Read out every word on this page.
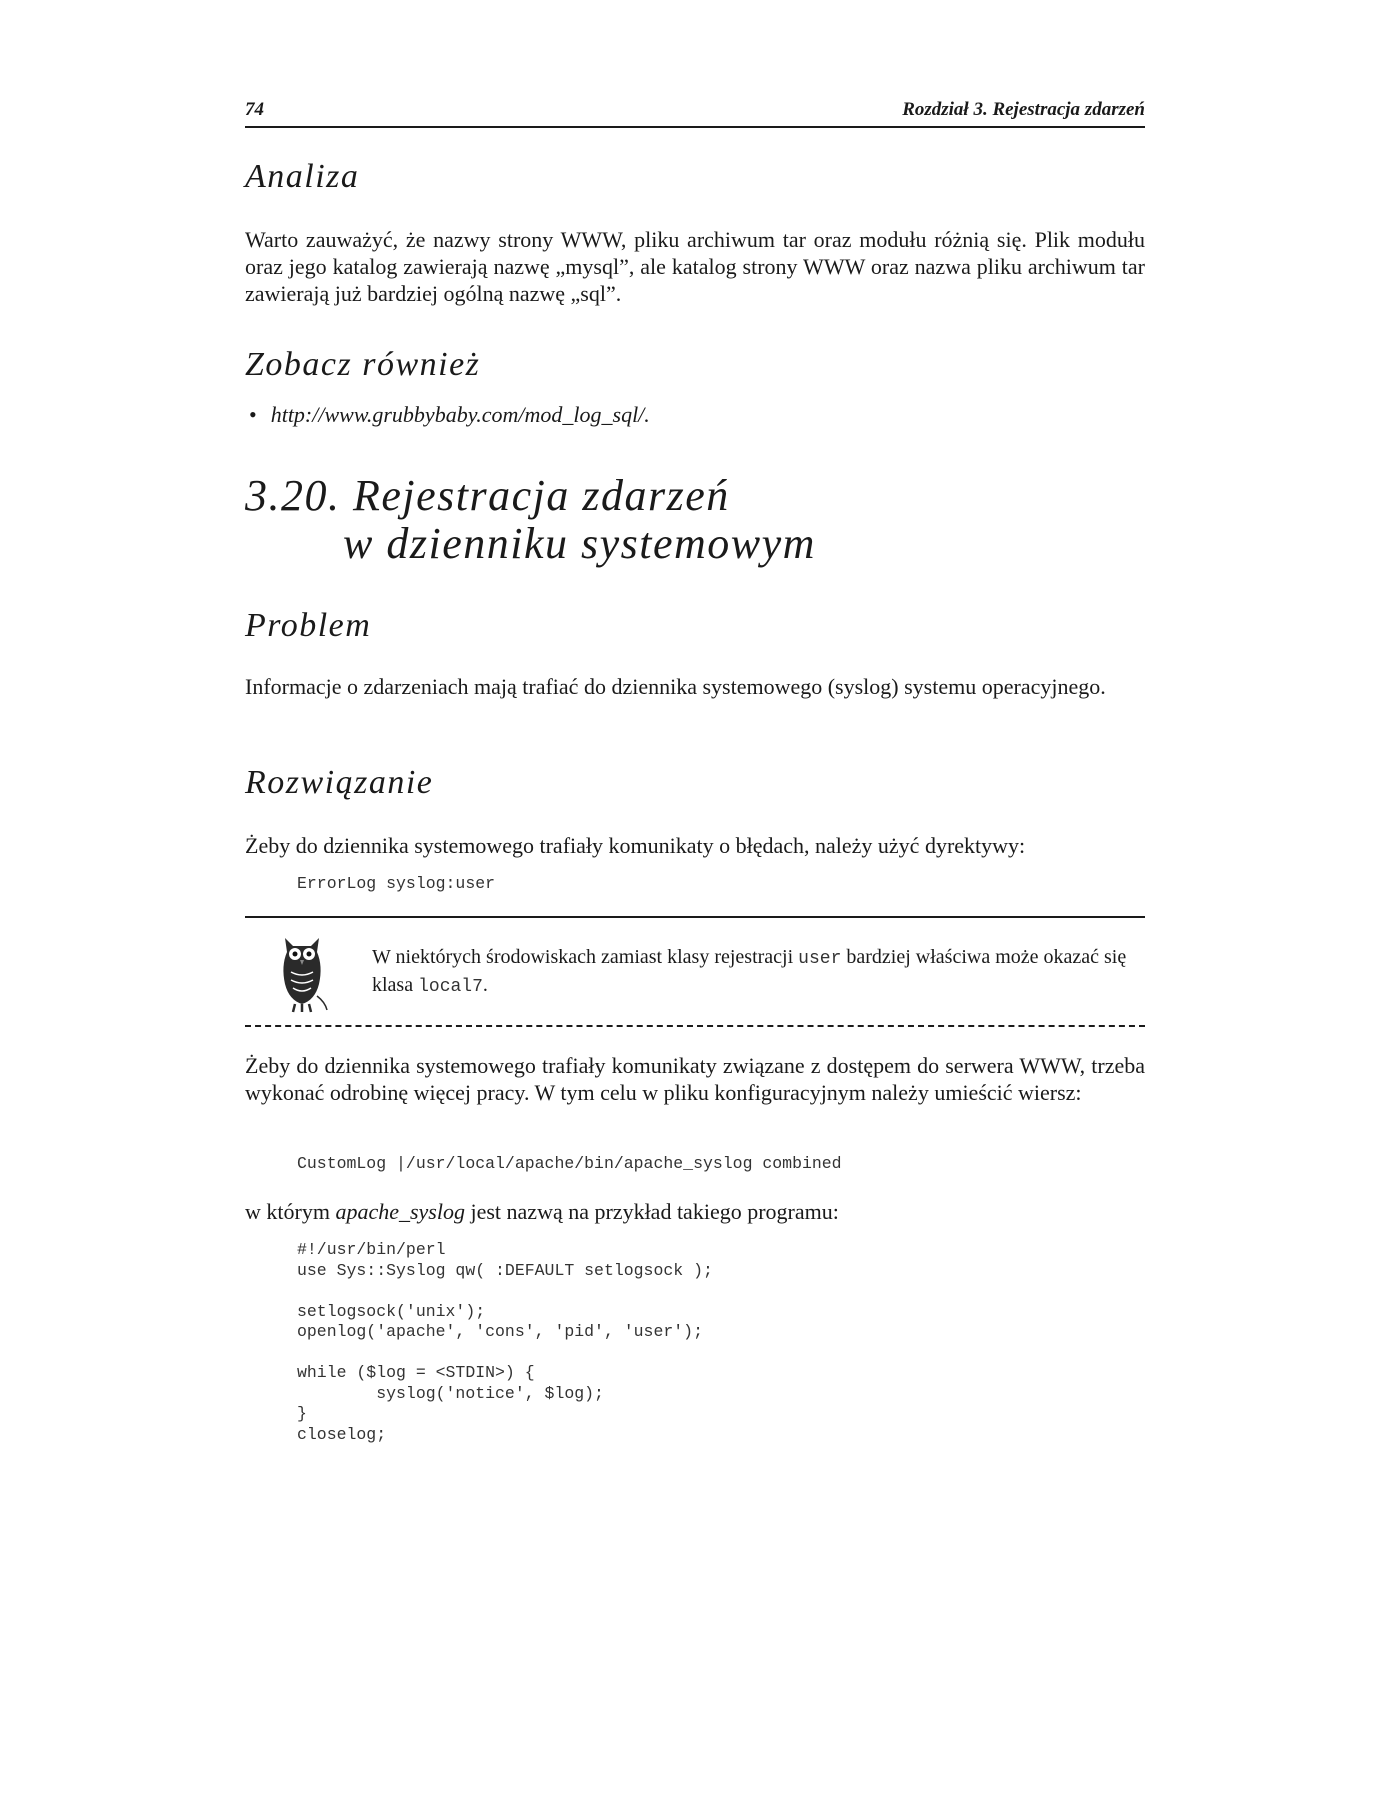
74	Rozdział 3. Rejestracja zdarzeń
Analiza

Warto zauważyć, że nazwy strony WWW, pliku archiwum tar oraz modułu różnią się. Plik modułu oraz jego katalog zawierają nazwę „mysql”, ale katalog strony WWW oraz nazwa pliku archiwum tar zawierają już bardziej ogólną nazwę „sql”.

Zobacz również
• http://www.grubbybaby.com/mod_log_sql/.
3.20. Rejestracja zdarzeń
w dzienniku systemowym
Problem

Informacje o zdarzeniach mają trafiać do dziennika systemowego (syslog) systemu operacyjnego.

Rozwiązanie

Żeby do dziennika systemowego trafiały komunikaty o błędach, należy użyć dyrektywy:

ErrorLog syslog:user
W niektórych środowiskach zamiast klasy rejestracji user bardziej właściwa może okazać się klasa local7.

Żeby do dziennika systemowego trafiały komunikaty związane z dostępem do serwera WWW, trzeba wykonać odrobinę więcej pracy. W tym celu w pliku konfiguracyjnym należy umieścić wiersz:

CustomLog |/usr/local/apache/bin/apache_syslog combined

w którym apache_syslog jest nazwą na przykład takiego programu:

#!/usr/bin/perl
use Sys::Syslog qw( :DEFAULT setlogsock );

setlogsock('unix');
openlog('apache', 'cons', 'pid', 'user');

while ($log = <STDIN>) {
syslog('notice', $log);
}
closelog;
